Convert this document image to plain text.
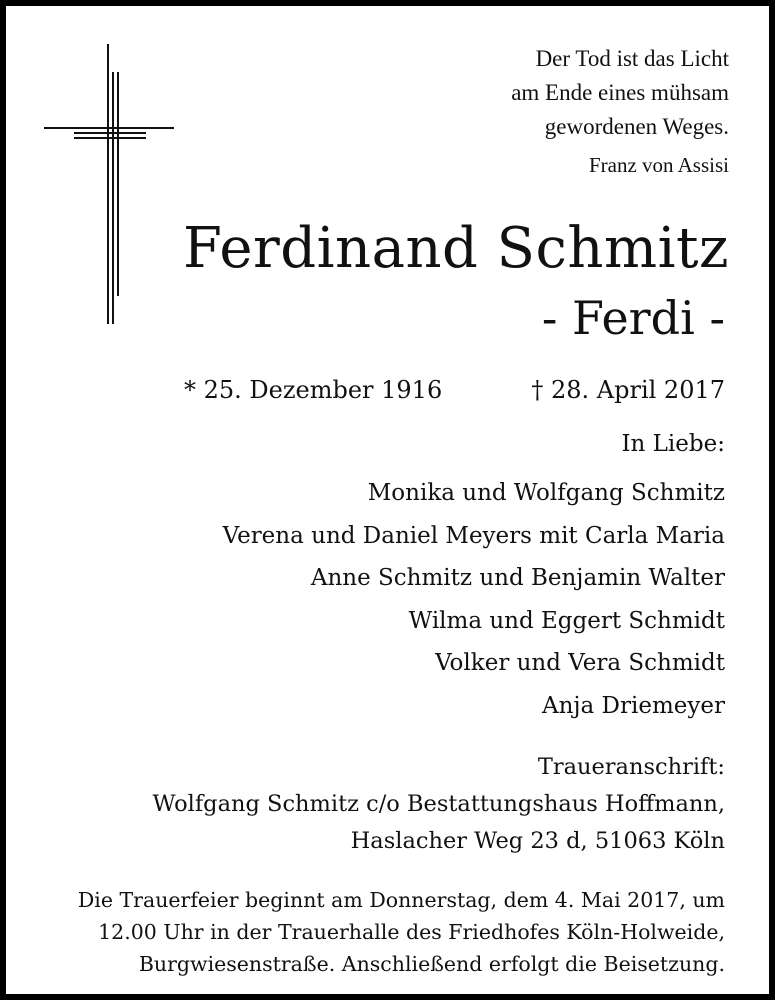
Der Tod ist das Licht
am Ende eines mühsam
gewordenen Weges.
Franz von Assisi
Ferdinand Schmitz
- Ferdi -
* 25. Dezember 1916	† 28. April 2017
In Liebe:
Monika und Wolfgang Schmitz
Verena und Daniel Meyers mit Carla Maria
Anne Schmitz und Benjamin Walter
Wilma und Eggert Schmidt
Volker und Vera Schmidt
Anja Driemeyer
Traueranschrift:
Wolfgang Schmitz c/o Bestattungshaus Hoffmann,
Haslacher Weg 23 d, 51063 Köln
Die Trauerfeier beginnt am Donnerstag, dem 4. Mai 2017, um
12.00 Uhr in der Trauerhalle des Friedhofes Köln-Holweide,
Burgwiesenstraße. Anschließend erfolgt die Beisetzung.
